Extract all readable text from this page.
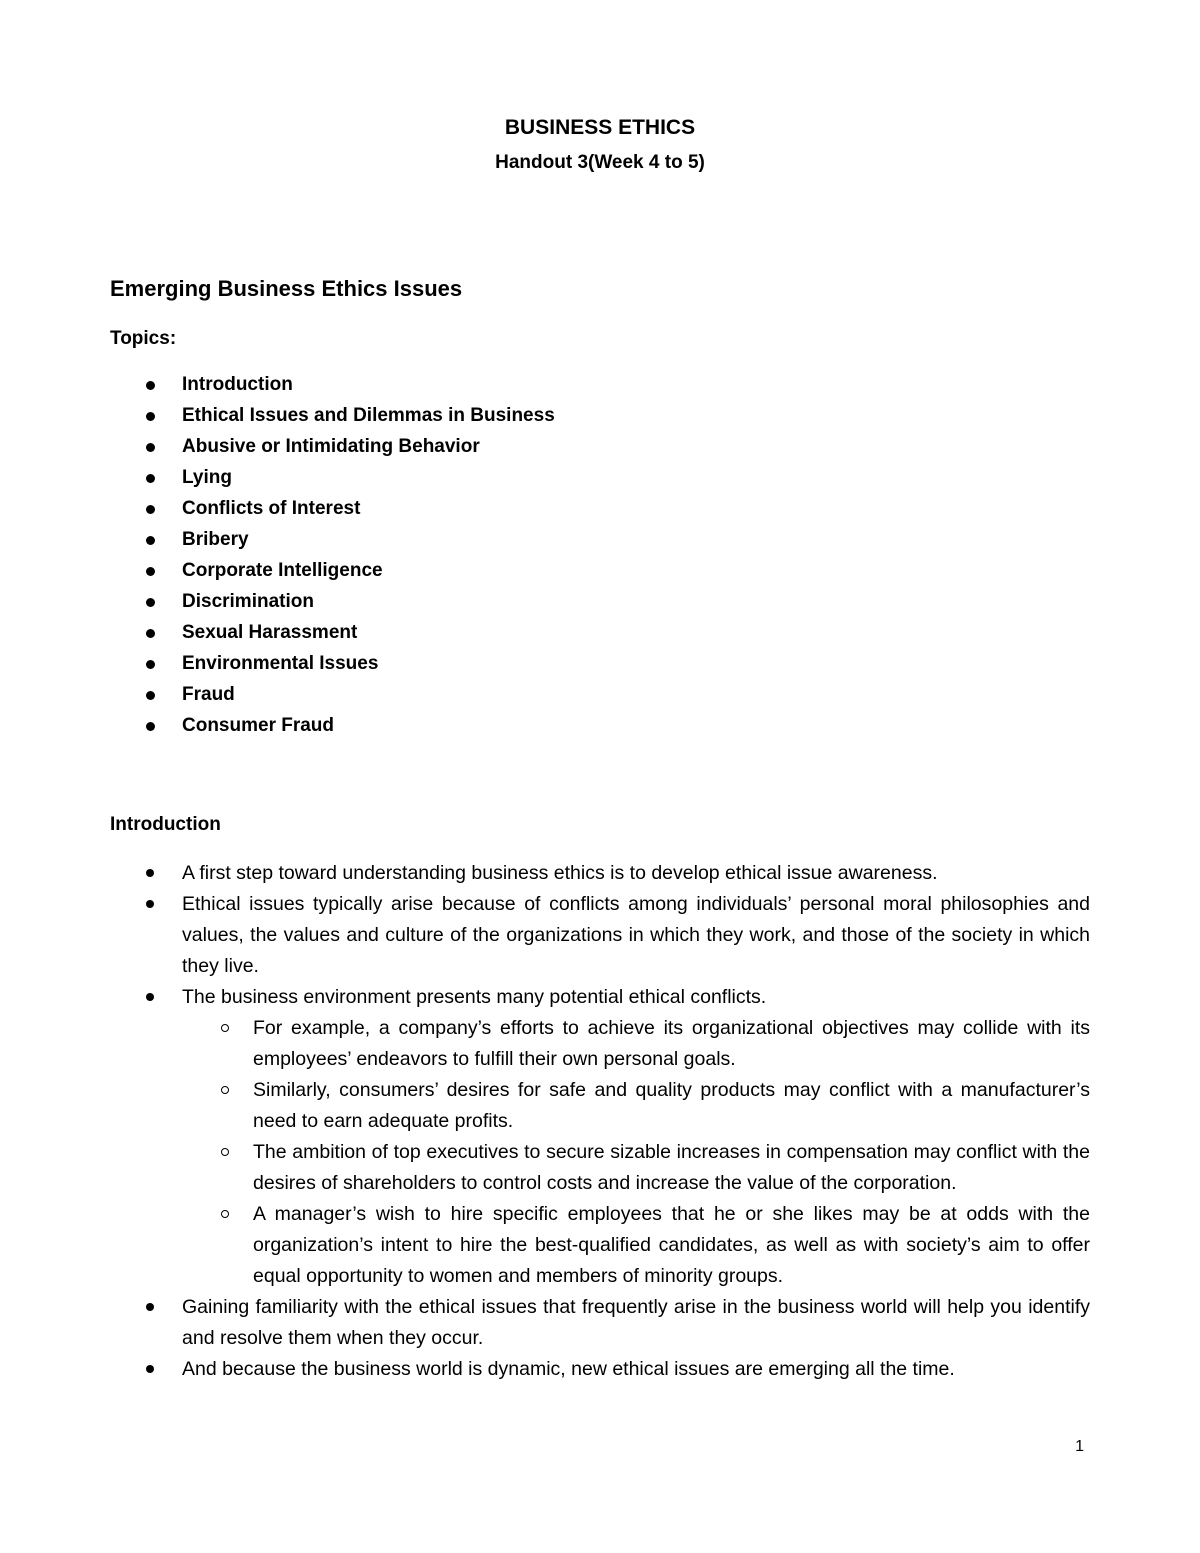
BUSINESS ETHICS
Handout 3(Week 4 to 5)
Emerging Business Ethics Issues
Topics:
Introduction
Ethical Issues and Dilemmas in Business
Abusive or Intimidating Behavior
Lying
Conflicts of Interest
Bribery
Corporate Intelligence
Discrimination
Sexual Harassment
Environmental Issues
Fraud
Consumer Fraud
Introduction
A first step toward understanding business ethics is to develop ethical issue awareness.
Ethical issues typically arise because of conflicts among individuals’ personal moral philosophies and values, the values and culture of the organizations in which they work, and those of the society in which they live.
The business environment presents many potential ethical conflicts.
For example, a company’s efforts to achieve its organizational objectives may collide with its employees’ endeavors to fulfill their own personal goals.
Similarly, consumers’ desires for safe and quality products may conflict with a manufacturer’s need to earn adequate profits.
The ambition of top executives to secure sizable increases in compensation may conflict with the desires of shareholders to control costs and increase the value of the corporation.
A manager’s wish to hire specific employees that he or she likes may be at odds with the organization’s intent to hire the best-qualified candidates, as well as with society’s aim to offer equal opportunity to women and members of minority groups.
Gaining familiarity with the ethical issues that frequently arise in the business world will help you identify and resolve them when they occur.
And because the business world is dynamic, new ethical issues are emerging all the time.
1
